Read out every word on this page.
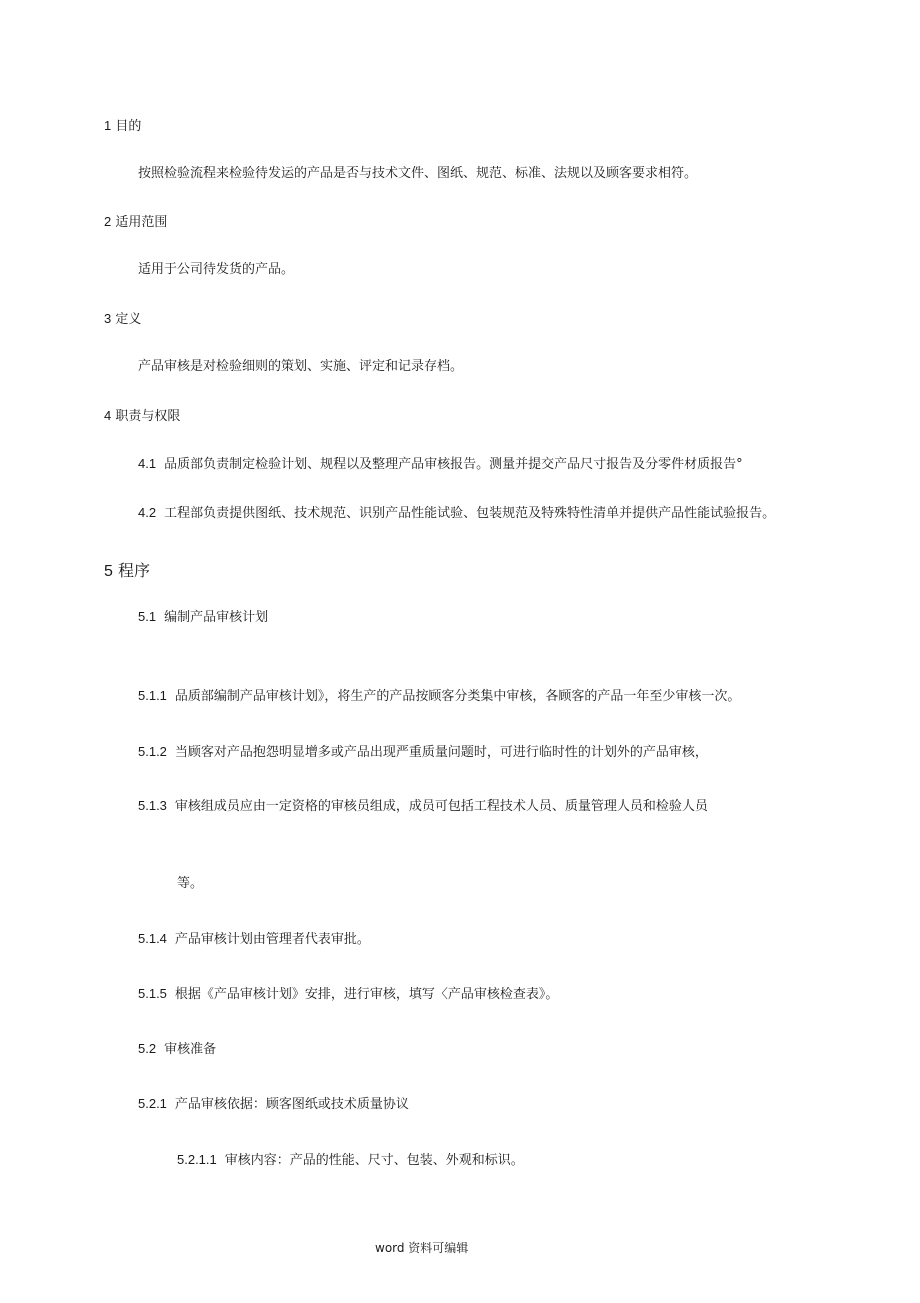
1 目的
按照检验流程来检验待发运的产品是否与技术文件、图纸、规范、标准、法规以及顾客要求相符。
2 适用范围
适用于公司待发货的产品。
3 定义
产品审核是对检验细则的策划、实施、评定和记录存档。
4 职责与权限
4.1 品质部负责制定检验计划、规程以及整理产品审核报告。测量并提交产品尺寸报告及分零件材质报告°
4.2 工程部负责提供图纸、技术规范、识别产品性能试验、包装规范及特殊特性清单并提供产品性能试验报告。
5 程序
5.1 编制产品审核计划
5.1.1 品质部编制产品审核计划》，将生产的产品按顾客分类集中审核，各顾客的产品一年至少审核一次。
5.1.2 当顾客对产品抱怨明显增多或产品出现严重质量问题时，可进行临时性的计划外的产品审核，
5.1.3 审核组成员应由一定资格的审核员组成，成员可包括工程技术人员、质量管理人员和检验人员
等。
5.1.4 产品审核计划由管理者代表审批。
5.1.5 根据《产品审核计划》安排，进行审核，填写〈产品审核检查表》。
5.2 审核准备
5.2.1 产品审核依据：顾客图纸或技术质量协议
5.2.1.1 审核内容：产品的性能、尺寸、包装、外观和标识。
word 资料可编辑
